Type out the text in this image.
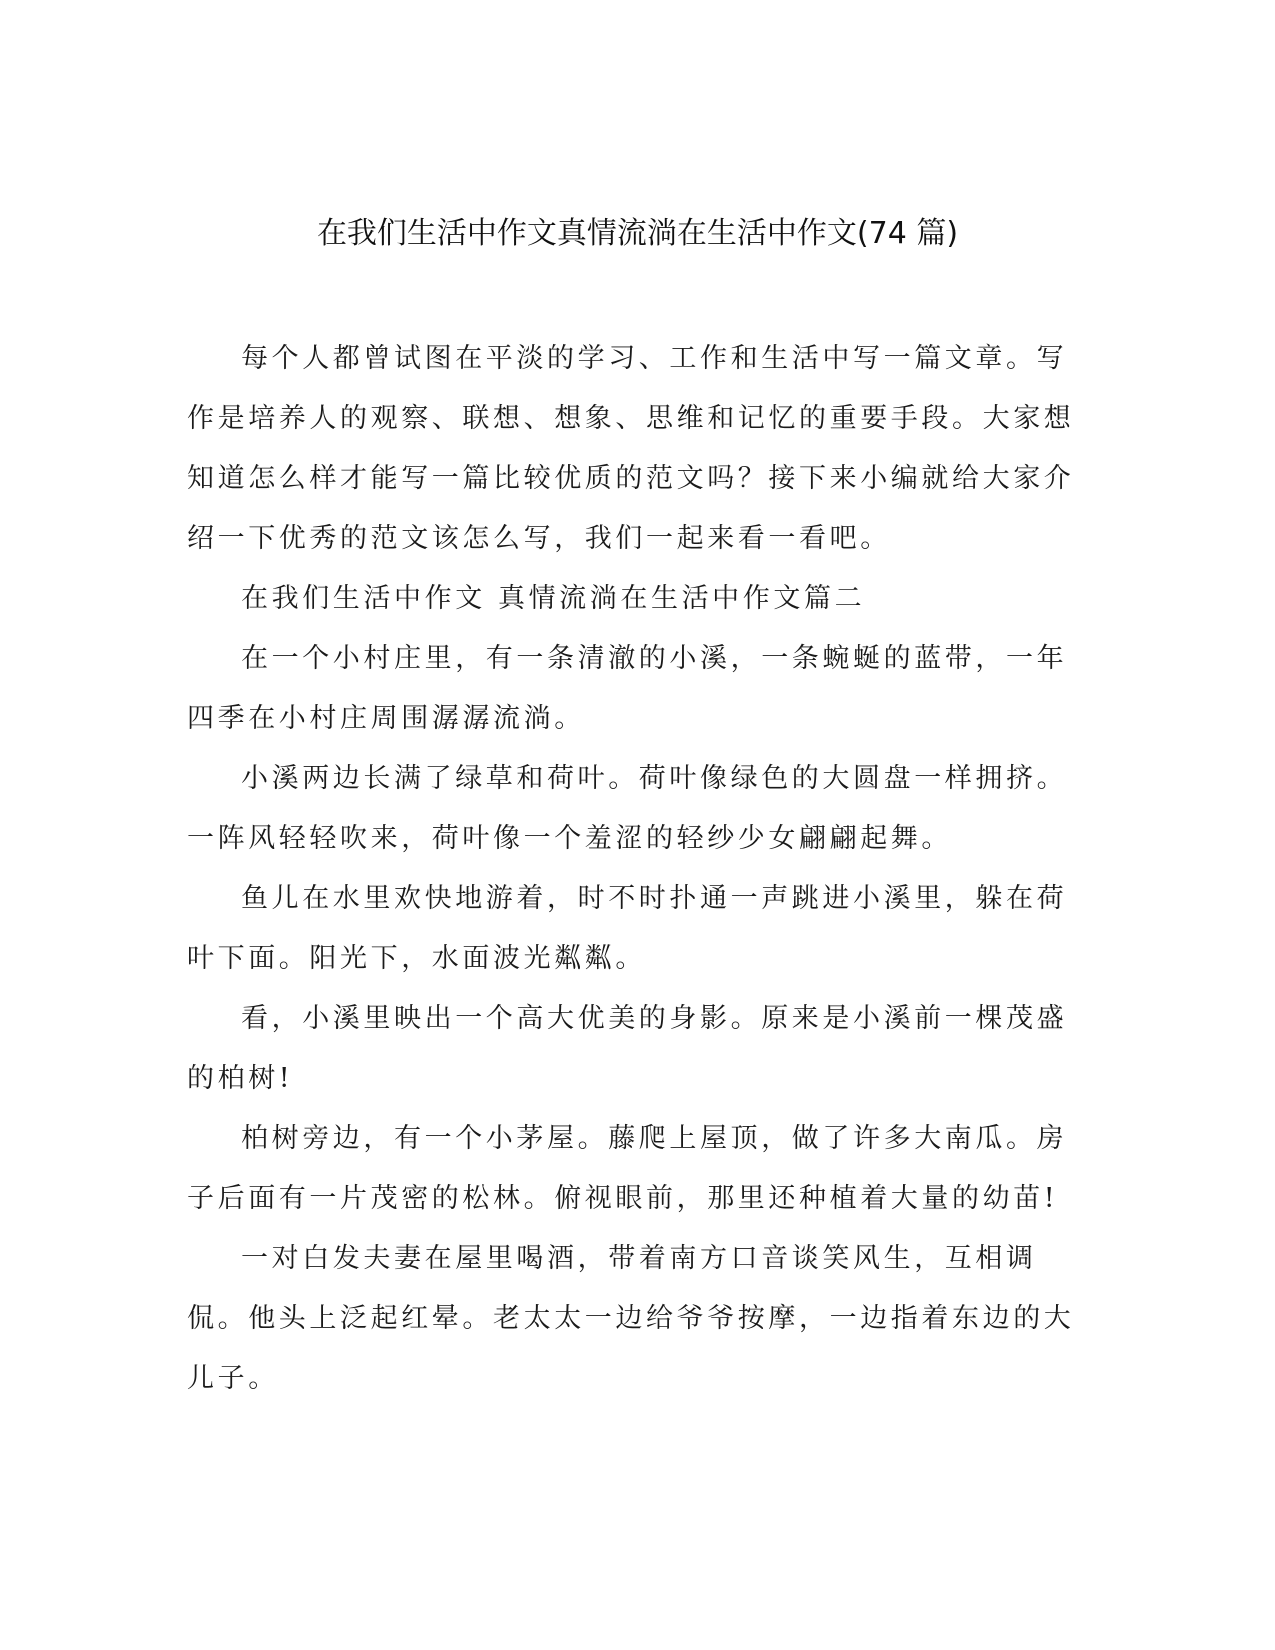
在我们生活中作文真情流淌在生活中作文(74 篇)

每个人都曾试图在平淡的学习、工作和生活中写一篇文章。写作是培养人的观察、联想、想象、思维和记忆的重要手段。大家想知道怎么样才能写一篇比较优质的范文吗？接下来小编就给大家介绍一下优秀的范文该怎么写，我们一起来看一看吧。

在我们生活中作文 真情流淌在生活中作文篇二

在一个小村庄里，有一条清澈的小溪，一条蜿蜒的蓝带，一年四季在小村庄周围潺潺流淌。

小溪两边长满了绿草和荷叶。荷叶像绿色的大圆盘一样拥挤。一阵风轻轻吹来，荷叶像一个羞涩的轻纱少女翩翩起舞。

鱼儿在水里欢快地游着，时不时扑通一声跳进小溪里，躲在荷叶下面。阳光下，水面波光粼粼。

看，小溪里映出一个高大优美的身影。原来是小溪前一棵茂盛的柏树!

柏树旁边，有一个小茅屋。藤爬上屋顶，做了许多大南瓜。房子后面有一片茂密的松林。俯视眼前，那里还种植着大量的幼苗!

一对白发夫妻在屋里喝酒，带着南方口音谈笑风生，互相调侃。他头上泛起红晕。老太太一边给爷爷按摩，一边指着东边的大儿子。
